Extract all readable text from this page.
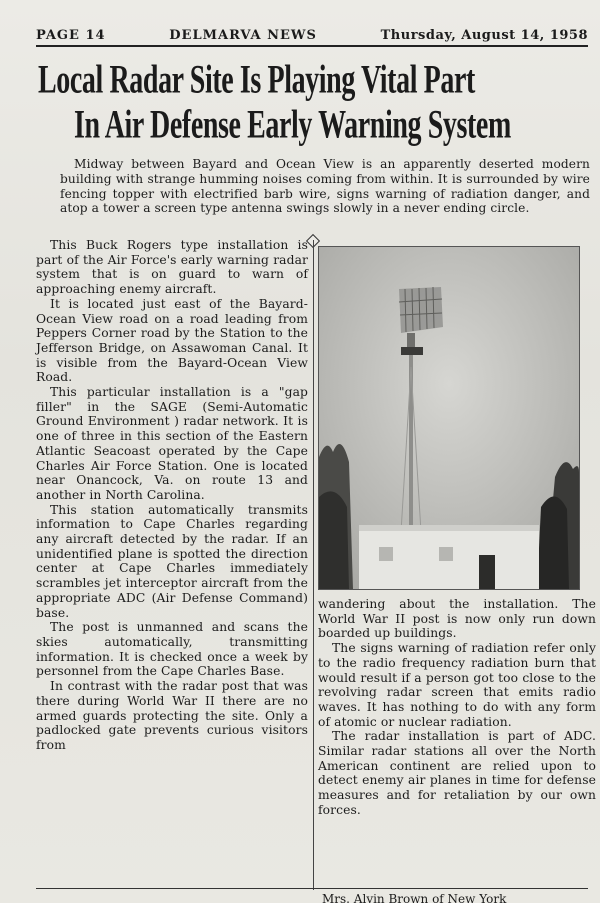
PAGE 14	DELMARVA NEWS	Thursday, August 14, 1958
Local Radar Site Is Playing Vital Part
In Air Defense Early Warning System
Midway between Bayard and Ocean View is an apparently deserted modern building with strange humming noises coming from within. It is surrounded by wire fencing topper with electrified barb wire, signs warning of radiation danger, and atop a tower a screen type antenna swings slowly in a never ending circle.

This Buck Rogers type installation is part of the Air Force's early warning radar system that is on guard to warn of approaching enemy aircraft.

It is located just east of the Bayard-Ocean View road on a road leading from Peppers Corner road by the Station to the Jefferson Bridge, on Assawoman Canal. It is visible from the Bayard-Ocean View Road.

This particular installation is a "gap filler" in the SAGE (Semi-Automatic Ground Environment ) radar network. It is one of three in this section of the Eastern Atlantic Seacoast operated by the Cape Charles Air Force Station. One is located near Onancock, Va. on route 13 and another in North Carolina.

This station automatically transmits information to Cape Charles regarding any aircraft detected by the radar. If an unidentified plane is spotted the direction center at Cape Charles immediately scrambles jet interceptor aircraft from the appropriate ADC (Air Defense Command) base.

The post is unmanned and scans the skies automatically, transmitting information. It is checked once a week by personnel from the Cape Charles Base.

In contrast with the radar post that was there during World War II there are no armed guards protecting the site. Only a padlocked gate prevents curious visitors from

wandering about the installation. The World War II post is now only run down boarded up buildings.

The signs warning of radiation refer only to the radio frequency radiation burn that would result if a person got too close to the revolving radar screen that emits radio waves. It has nothing to do with any form of atomic or nuclear radiation.

The radar installation is part of ADC. Similar radar stations all over the North American continent are relied upon to detect enemy air planes in time for defense measures and for retaliation by our own forces.

Mrs. Alvin Brown of New York
